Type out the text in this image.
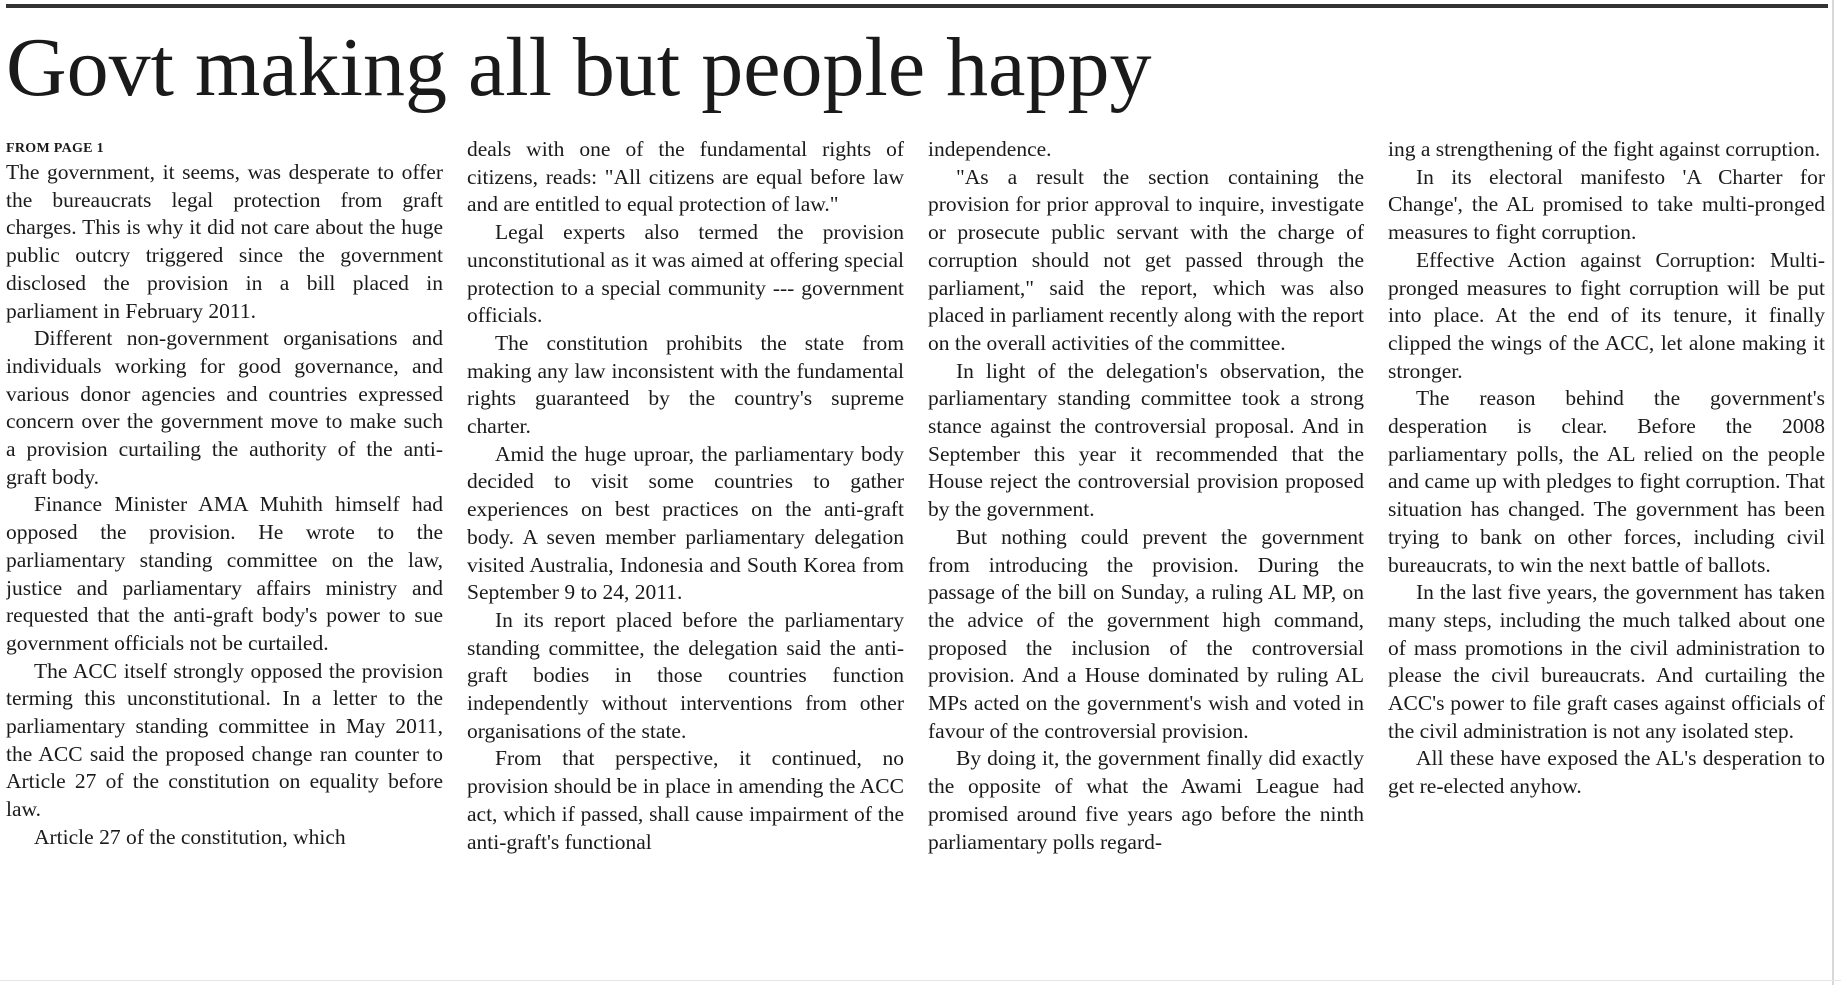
Govt making all but people happy
FROM PAGE 1

The government, it seems, was desperate to offer the bureaucrats legal protection from graft charges. This is why it did not care about the huge public outcry triggered since the government disclosed the provision in a bill placed in parliament in February 2011.

Different non-government organisations and individuals working for good governance, and various donor agencies and countries expressed concern over the government move to make such a provision curtailing the authority of the anti-graft body.

Finance Minister AMA Muhith himself had opposed the provision. He wrote to the parliamentary standing committee on the law, justice and parliamentary affairs ministry and requested that the anti-graft body's power to sue government officials not be curtailed.

The ACC itself strongly opposed the provision terming this unconstitutional. In a letter to the parliamentary standing committee in May 2011, the ACC said the proposed change ran counter to Article 27 of the constitution on equality before law.

Article 27 of the constitution, which

deals with one of the fundamental rights of citizens, reads: "All citizens are equal before law and are entitled to equal protection of law."

Legal experts also termed the provision unconstitutional as it was aimed at offering special protection to a special community --- government officials.

The constitution prohibits the state from making any law inconsistent with the fundamental rights guaranteed by the country's supreme charter.

Amid the huge uproar, the parliamentary body decided to visit some countries to gather experiences on best practices on the anti-graft body. A seven member parliamentary delegation visited Australia, Indonesia and South Korea from September 9 to 24, 2011.

In its report placed before the parliamentary standing committee, the delegation said the anti-graft bodies in those countries function independently without interventions from other organisations of the state.

From that perspective, it continued, no provision should be in place in amending the ACC act, which if passed, shall cause impairment of the anti-graft's functional

independence.

"As a result the section containing the provision for prior approval to inquire, investigate or prosecute public servant with the charge of corruption should not get passed through the parliament," said the report, which was also placed in parliament recently along with the report on the overall activities of the committee.

In light of the delegation's observation, the parliamentary standing committee took a strong stance against the controversial proposal. And in September this year it recommended that the House reject the controversial provision proposed by the government.

But nothing could prevent the government from introducing the provision. During the passage of the bill on Sunday, a ruling AL MP, on the advice of the government high command, proposed the inclusion of the controversial provision. And a House dominated by ruling AL MPs acted on the government's wish and voted in favour of the controversial provision.

By doing it, the government finally did exactly the opposite of what the Awami League had promised around five years ago before the ninth parliamentary polls regard-

ing a strengthening of the fight against corruption.

In its electoral manifesto 'A Charter for Change', the AL promised to take multi-pronged measures to fight corruption.

Effective Action against Corruption: Multi-pronged measures to fight corruption will be put into place. At the end of its tenure, it finally clipped the wings of the ACC, let alone making it stronger.

The reason behind the government's desperation is clear. Before the 2008 parliamentary polls, the AL relied on the people and came up with pledges to fight corruption. That situation has changed. The government has been trying to bank on other forces, including civil bureaucrats, to win the next battle of ballots.

In the last five years, the government has taken many steps, including the much talked about one of mass promotions in the civil administration to please the civil bureaucrats. And curtailing the ACC's power to file graft cases against officials of the civil administration is not any isolated step.

All these have exposed the AL's desperation to get re-elected anyhow.
